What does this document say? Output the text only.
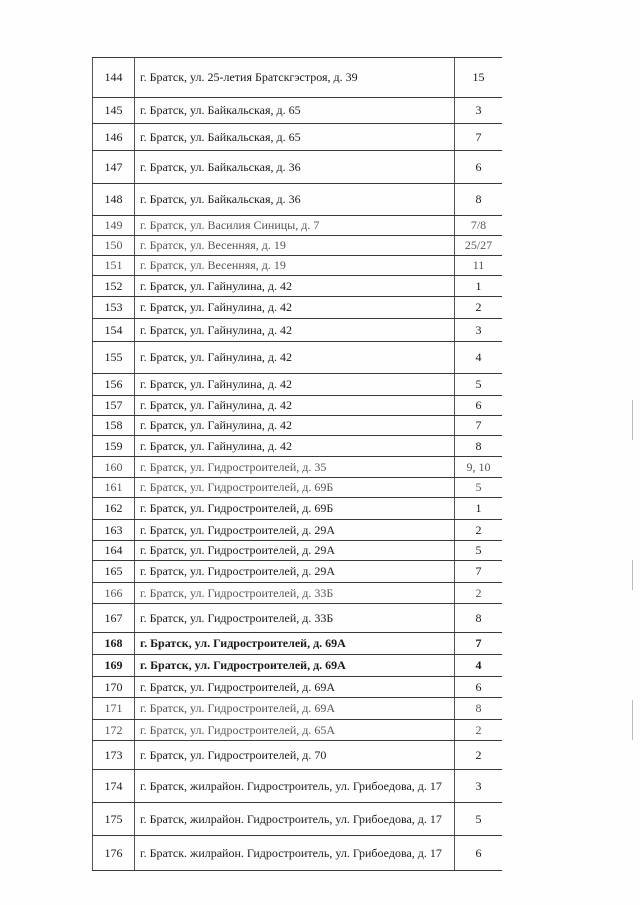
144	г. Братск, ул. 25-летия Братскгэстроя, д. 39	15
145	г. Братск, ул. Байкальская, д. 65	3
146	г. Братск, ул. Байкальская, д. 65	7
147	г. Братск, ул. Байкальская, д. 36	6
148	г. Братск, ул. Байкальская, д. 36	8
149	г. Братск, ул. Василия Синицы, д. 7	7/8
150	г. Братск, ул. Весенняя, д. 19	25/27
151	г. Братск, ул. Весенняя, д. 19	11
152	г. Братск, ул. Гайнулина, д. 42	1
153	г. Братск, ул. Гайнулина, д. 42	2
154	г. Братск, ул. Гайнулина, д. 42	3
155	г. Братск, ул. Гайнулина, д. 42	4
156	г. Братск, ул. Гайнулина, д. 42	5
157	г. Братск, ул. Гайнулина, д. 42	6
158	г. Братск, ул. Гайнулина, д. 42	7
159	г. Братск, ул. Гайнулина, д. 42	8
160	г. Братск, ул. Гидростроителей, д. 35	9, 10
161	г. Братск, ул. Гидростроителей, д. 69Б	5
162	г. Братск, ул. Гидростроителей, д. 69Б	1
163	г. Братск, ул. Гидростроителей, д. 29А	2
164	г. Братск, ул. Гидростроителей, д. 29А	5
165	г. Братск, ул. Гидростроителей, д. 29А	7
166	г. Братск, ул. Гидростроителей, д. 33Б	2
167	г. Братск, ул. Гидростроителей, д. 33Б	8
168	г. Братск, ул. Гидростроителей, д. 69А	7
169	г. Братск, ул. Гидростроителей, д. 69А	4
170	г. Братск, ул. Гидростроителей, д. 69А	6
171	г. Братск, ул. Гидростроителей, д. 69А	8
172	г. Братск, ул. Гидростроителей, д. 65А	2
173	г. Братск, ул. Гидростроителей, д. 70	2
174	г. Братск, жилрайон. Гидростроитель, ул. Грибоедова, д. 17	3
175	г. Братск, жилрайон. Гидростроитель, ул. Грибоедова, д. 17	5
176	г. Братск. жилрайон. Гидростроитель, ул. Грибоедова, д. 17	6
